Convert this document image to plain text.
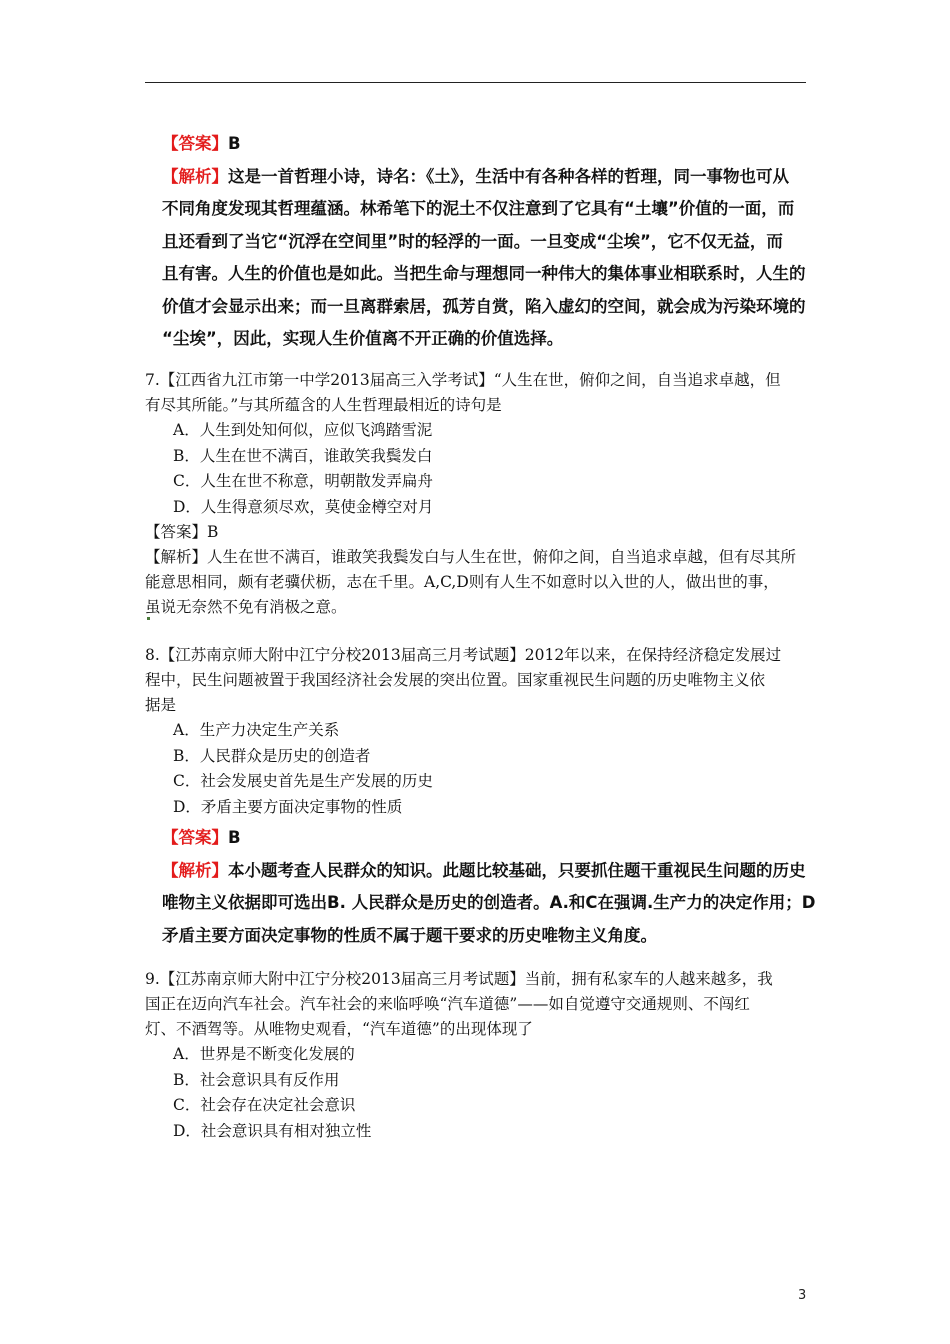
【答案】B

【解析】这是一首哲理小诗，诗名：《土》，生活中有各种各样的哲理，同一事物也可从

不同角度发现其哲理蕴涵。林希笔下的泥土不仅注意到了它具有“土壤”价值的一面，而

且还看到了当它“沉浮在空间里”时的轻浮的一面。一旦变成“尘埃”，它不仅无益，而

且有害。人生的价值也是如此。当把生命与理想同一种伟大的集体事业相联系时，人生的

价值才会显示出来；而一旦离群索居，孤芳自赏，陷入虚幻的空间，就会成为污染环境的

“尘埃”，因此，实现人生价值离不开正确的价值选择。

7.【江西省九江市第一中学2013届高三入学考试】“人生在世，俯仰之间，自当追求卓越，但

有尽其所能。”与其所蕴含的人生哲理最相近的诗句是

A．人生到处知何似，应似飞鸿踏雪泥

B．人生在世不满百，谁敢笑我鬓发白

C．人生在世不称意，明朝散发弄扁舟

D．人生得意须尽欢，莫使金樽空对月

【答案】B

【解析】人生在世不满百，谁敢笑我鬓发白与人生在世，俯仰之间，自当追求卓越，但有尽其所

能意思相同，颇有老骥伏枥，志在千里。A,C,D则有人生不如意时以入世的人，做出世的事，

虽说无奈然不免有消极之意。

8.【江苏南京师大附中江宁分校2013届高三月考试题】2012年以来，在保持经济稳定发展过

程中，民生问题被置于我国经济社会发展的突出位置。国家重视民生问题的历史唯物主义依

据是

A．生产力决定生产关系

B．人民群众是历史的创造者

C．社会发展史首先是生产发展的历史

D．矛盾主要方面决定事物的性质

【答案】B

【解析】本小题考查人民群众的知识。此题比较基础，只要抓住题干重视民生问题的历史

唯物主义依据即可选出B. 人民群众是历史的创造者。A.和C在强调.生产力的决定作用；D

矛盾主要方面决定事物的性质不属于题干要求的历史唯物主义角度。

9.【江苏南京师大附中江宁分校2013届高三月考试题】当前，拥有私家车的人越来越多，我

国正在迈向汽车社会。汽车社会的来临呼唤“汽车道德”——如自觉遵守交通规则、不闯红

灯、不酒驾等。从唯物史观看，“汽车道德”的出现体现了

A．世界是不断变化发展的

B．社会意识具有反作用

C．社会存在决定社会意识

D．社会意识具有相对独立性

3
